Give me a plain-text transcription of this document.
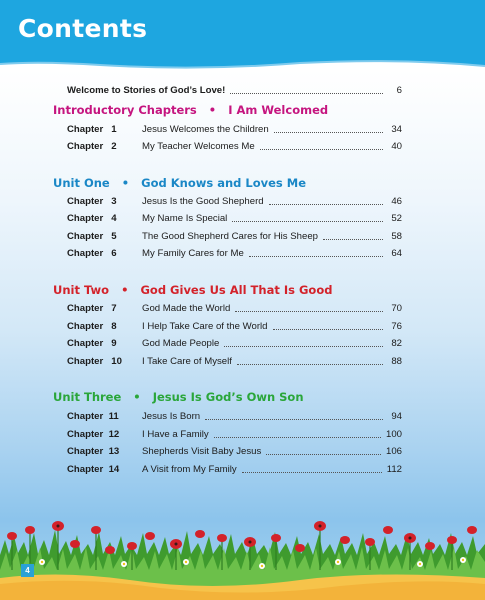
Contents
Welcome to Stories of God’s Love!	6
Introductory Chapters   •   I Am Welcomed
Chapter 1	Jesus Welcomes the Children	34
Chapter 2	My Teacher Welcomes Me	40
Unit One   •   God Knows and Loves Me
Chapter 3	Jesus Is the Good Shepherd	46
Chapter 4	My Name Is Special	52
Chapter 5	The Good Shepherd Cares for His Sheep	58
Chapter 6	My Family Cares for Me	64
Unit Two   •   God Gives Us All That Is Good
Chapter 7	God Made the World	70
Chapter 8	I Help Take Care of the World	76
Chapter 9	God Made People	82
Chapter 10	I Take Care of Myself	88
Unit Three   •   Jesus Is God’s Own Son
Chapter 11	Jesus Is Born	94
Chapter 12	I Have a Family	100
Chapter 13	Shepherds Visit Baby Jesus	106
Chapter 14	A Visit from My Family	112
4
